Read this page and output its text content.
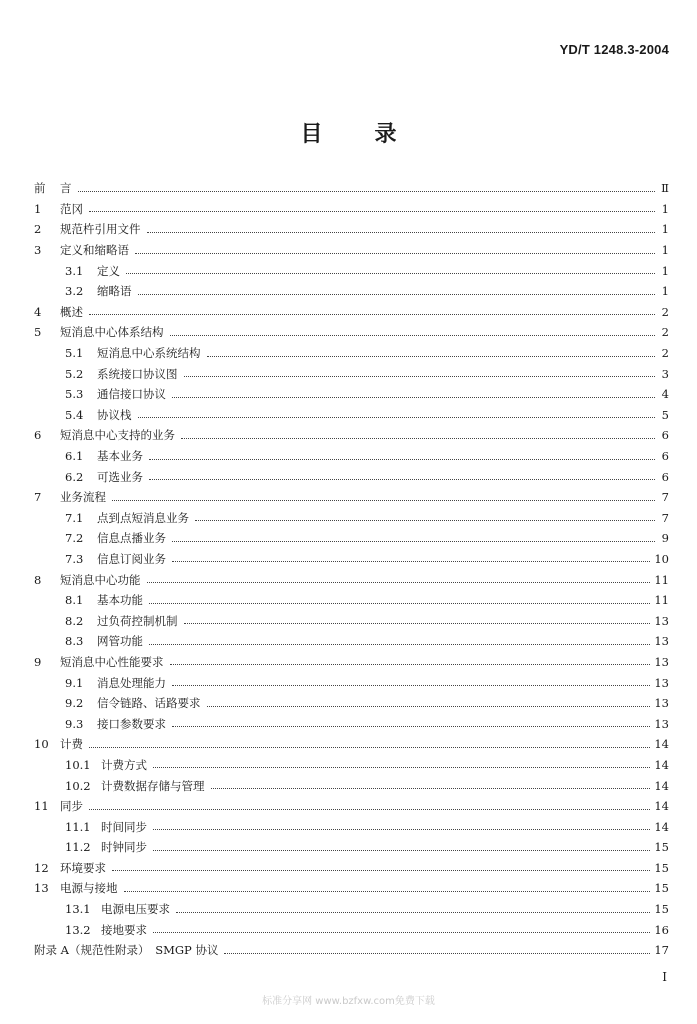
YD/T 1248.3-2004
目 录
前	言	Ⅱ
1	范冈	1
2	规范杵引用文件	1
3	定义和缩略语	1
3.1	定义	1
3.2	缩略语	1
4	概述	2
5	短消息中心体系结构	2
5.1	短消息中心系统结构	2
5.2	系统接口协议图	3
5.3	通信接口协议	4
5.4	协议栈	5
6	短消息中心支持的业务	6
6.1	基本业务	6
6.2	可选业务	6
7	业务流程	7
7.1	点到点短消息业务	7
7.2	信息点播业务	9
7.3	信息订阅业务	10
8	短消息中心功能	11
8.1	基本功能	11
8.2	过负荷控制机制	13
8.3	网管功能	13
9	短消息中心性能要求	13
9.1	消息处理能力	13
9.2	信令链路、话路要求	13
9.3	接口参数要求	13
10 计费	14
10.1 计费方式	14
10.2 计费数据存储与管理	14
11 同步	14
11.1 时间同步	14
11.2 时钟同步	15
12 环境要求	15
13 电源与接地	15
13.1 电源电压要求	15
13.2 接地要求	16
附录 A（规范性附录）　SMGP 协议	17
I
标准分享网 www.bzfxw.com免费下载
